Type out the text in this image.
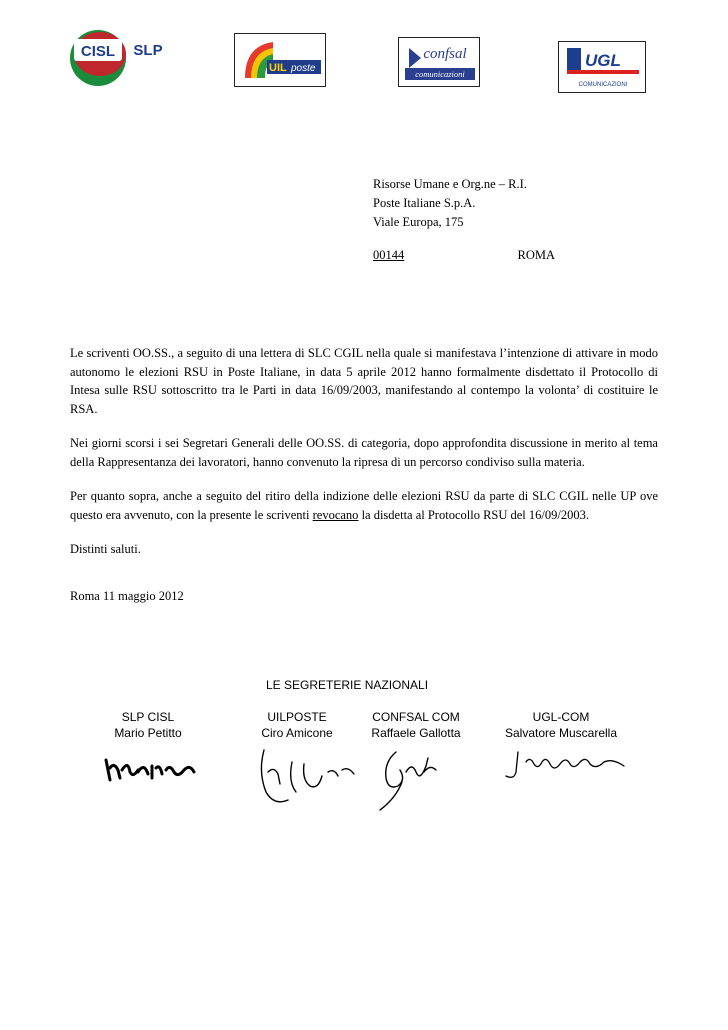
CISL SLP
UIL poste
confsal
comunicazioni
UGL
COMUNICAZIONI
Risorse Umane e Org.ne – R.I.
Poste Italiane S.p.A.
Viale Europa, 175
00144	ROMA

Le scriventi OO.SS., a seguito di una lettera di SLC CGIL nella quale si manifestava l’intenzione di attivare in modo autonomo le elezioni RSU in Poste Italiane, in data 5 aprile 2012 hanno formalmente disdettato il Protocollo di Intesa sulle RSU sottoscritto tra le Parti in data 16/09/2003, manifestando al contempo la volonta’ di costituire le RSA.

Nei giorni scorsi i sei Segretari Generali delle OO.SS. di categoria, dopo approfondita discussione in merito al tema della Rappresentanza dei lavoratori, hanno convenuto la ripresa di un percorso condiviso sulla materia.

Per quanto sopra, anche a seguito del ritiro della indizione delle elezioni RSU da parte di SLC CGIL nelle UP ove questo era avvenuto, con la presente le scriventi revocano la disdetta al Protocollo RSU del 16/09/2003.

Distinti saluti.

Roma 11 maggio 2012

LE SEGRETERIE NAZIONALI
SLP CISL
Mario Petitto
UILPOSTE
Ciro Amicone
CONFSAL COM
Raffaele Gallotta
UGL-COM
Salvatore Muscarella
